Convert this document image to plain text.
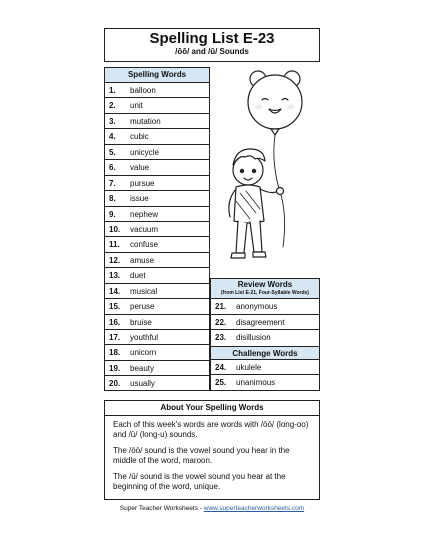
Spelling List E-23
/ōō/ and /ū/ Sounds
Spelling Words
1. balloon
2. unit
3. mutation
4. cubic
5. unicycle
6. value
7. pursue
8. issue
9. nephew
10. vacuum
11. confuse
12. amuse
13. duet
14. musical
15. peruse
16. bruise
17. youthful
18. unicorn
19. beauty
20. usually
Review Words
(from List E-21, Four-Syllable Words)
21. anonymous
22. disagreement
23. disillusion
Challenge Words
24. ukulele
25. unanimous
About Your Spelling Words

Each of this week's words are words with /ōō/ (long-oo) and /ū/ (long-u) sounds.

The /ōō/ sound is the vowel sound you hear in the middle of the word, maroon.

The /ū/ sound is the vowel sound you hear at the beginning of the word, unique.

Super Teacher Worksheets - www.superteacherworksheets.com
